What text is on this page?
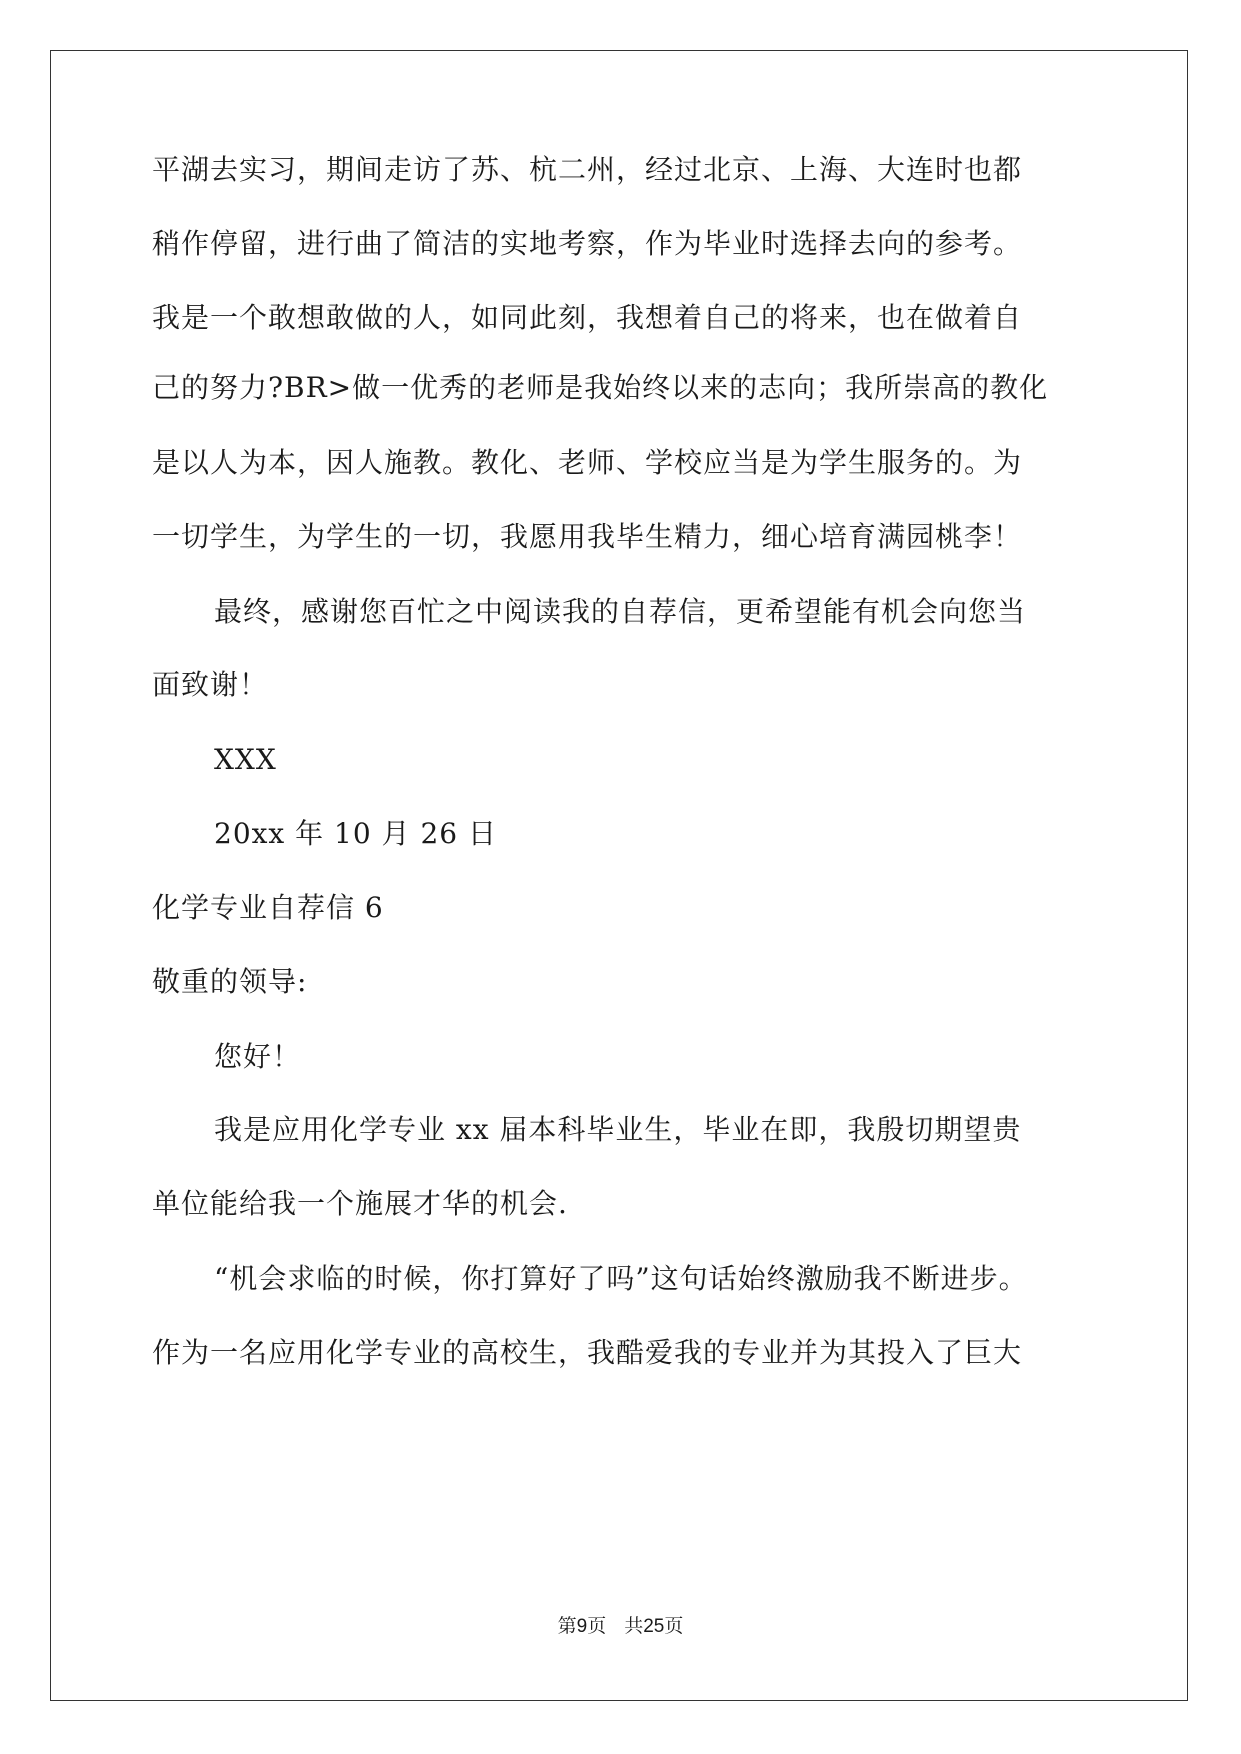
平湖去实习，期间走访了苏、杭二州，经过北京、上海、大连时也都
稍作停留，进行曲了简洁的实地考察，作为毕业时选择去向的参考。
我是一个敢想敢做的人，如同此刻，我想着自己的将来，也在做着自
己的努力?BR>做一优秀的老师是我始终以来的志向；我所崇高的教化
是以人为本，因人施教。教化、老师、学校应当是为学生服务的。为
一切学生，为学生的一切，我愿用我毕生精力，细心培育满园桃李！
最终，感谢您百忙之中阅读我的自荐信，更希望能有机会向您当
面致谢！
XXX
20xx 年 10 月 26 日
化学专业自荐信 6
敬重的领导:
您好！
我是应用化学专业 xx 届本科毕业生，毕业在即，我殷切期望贵
单位能给我一个施展才华的机会.
“机会求临的时候，你打算好了吗”这句话始终激励我不断进步。
作为一名应用化学专业的高校生，我酷爱我的专业并为其投入了巨大
第9页 共25页
